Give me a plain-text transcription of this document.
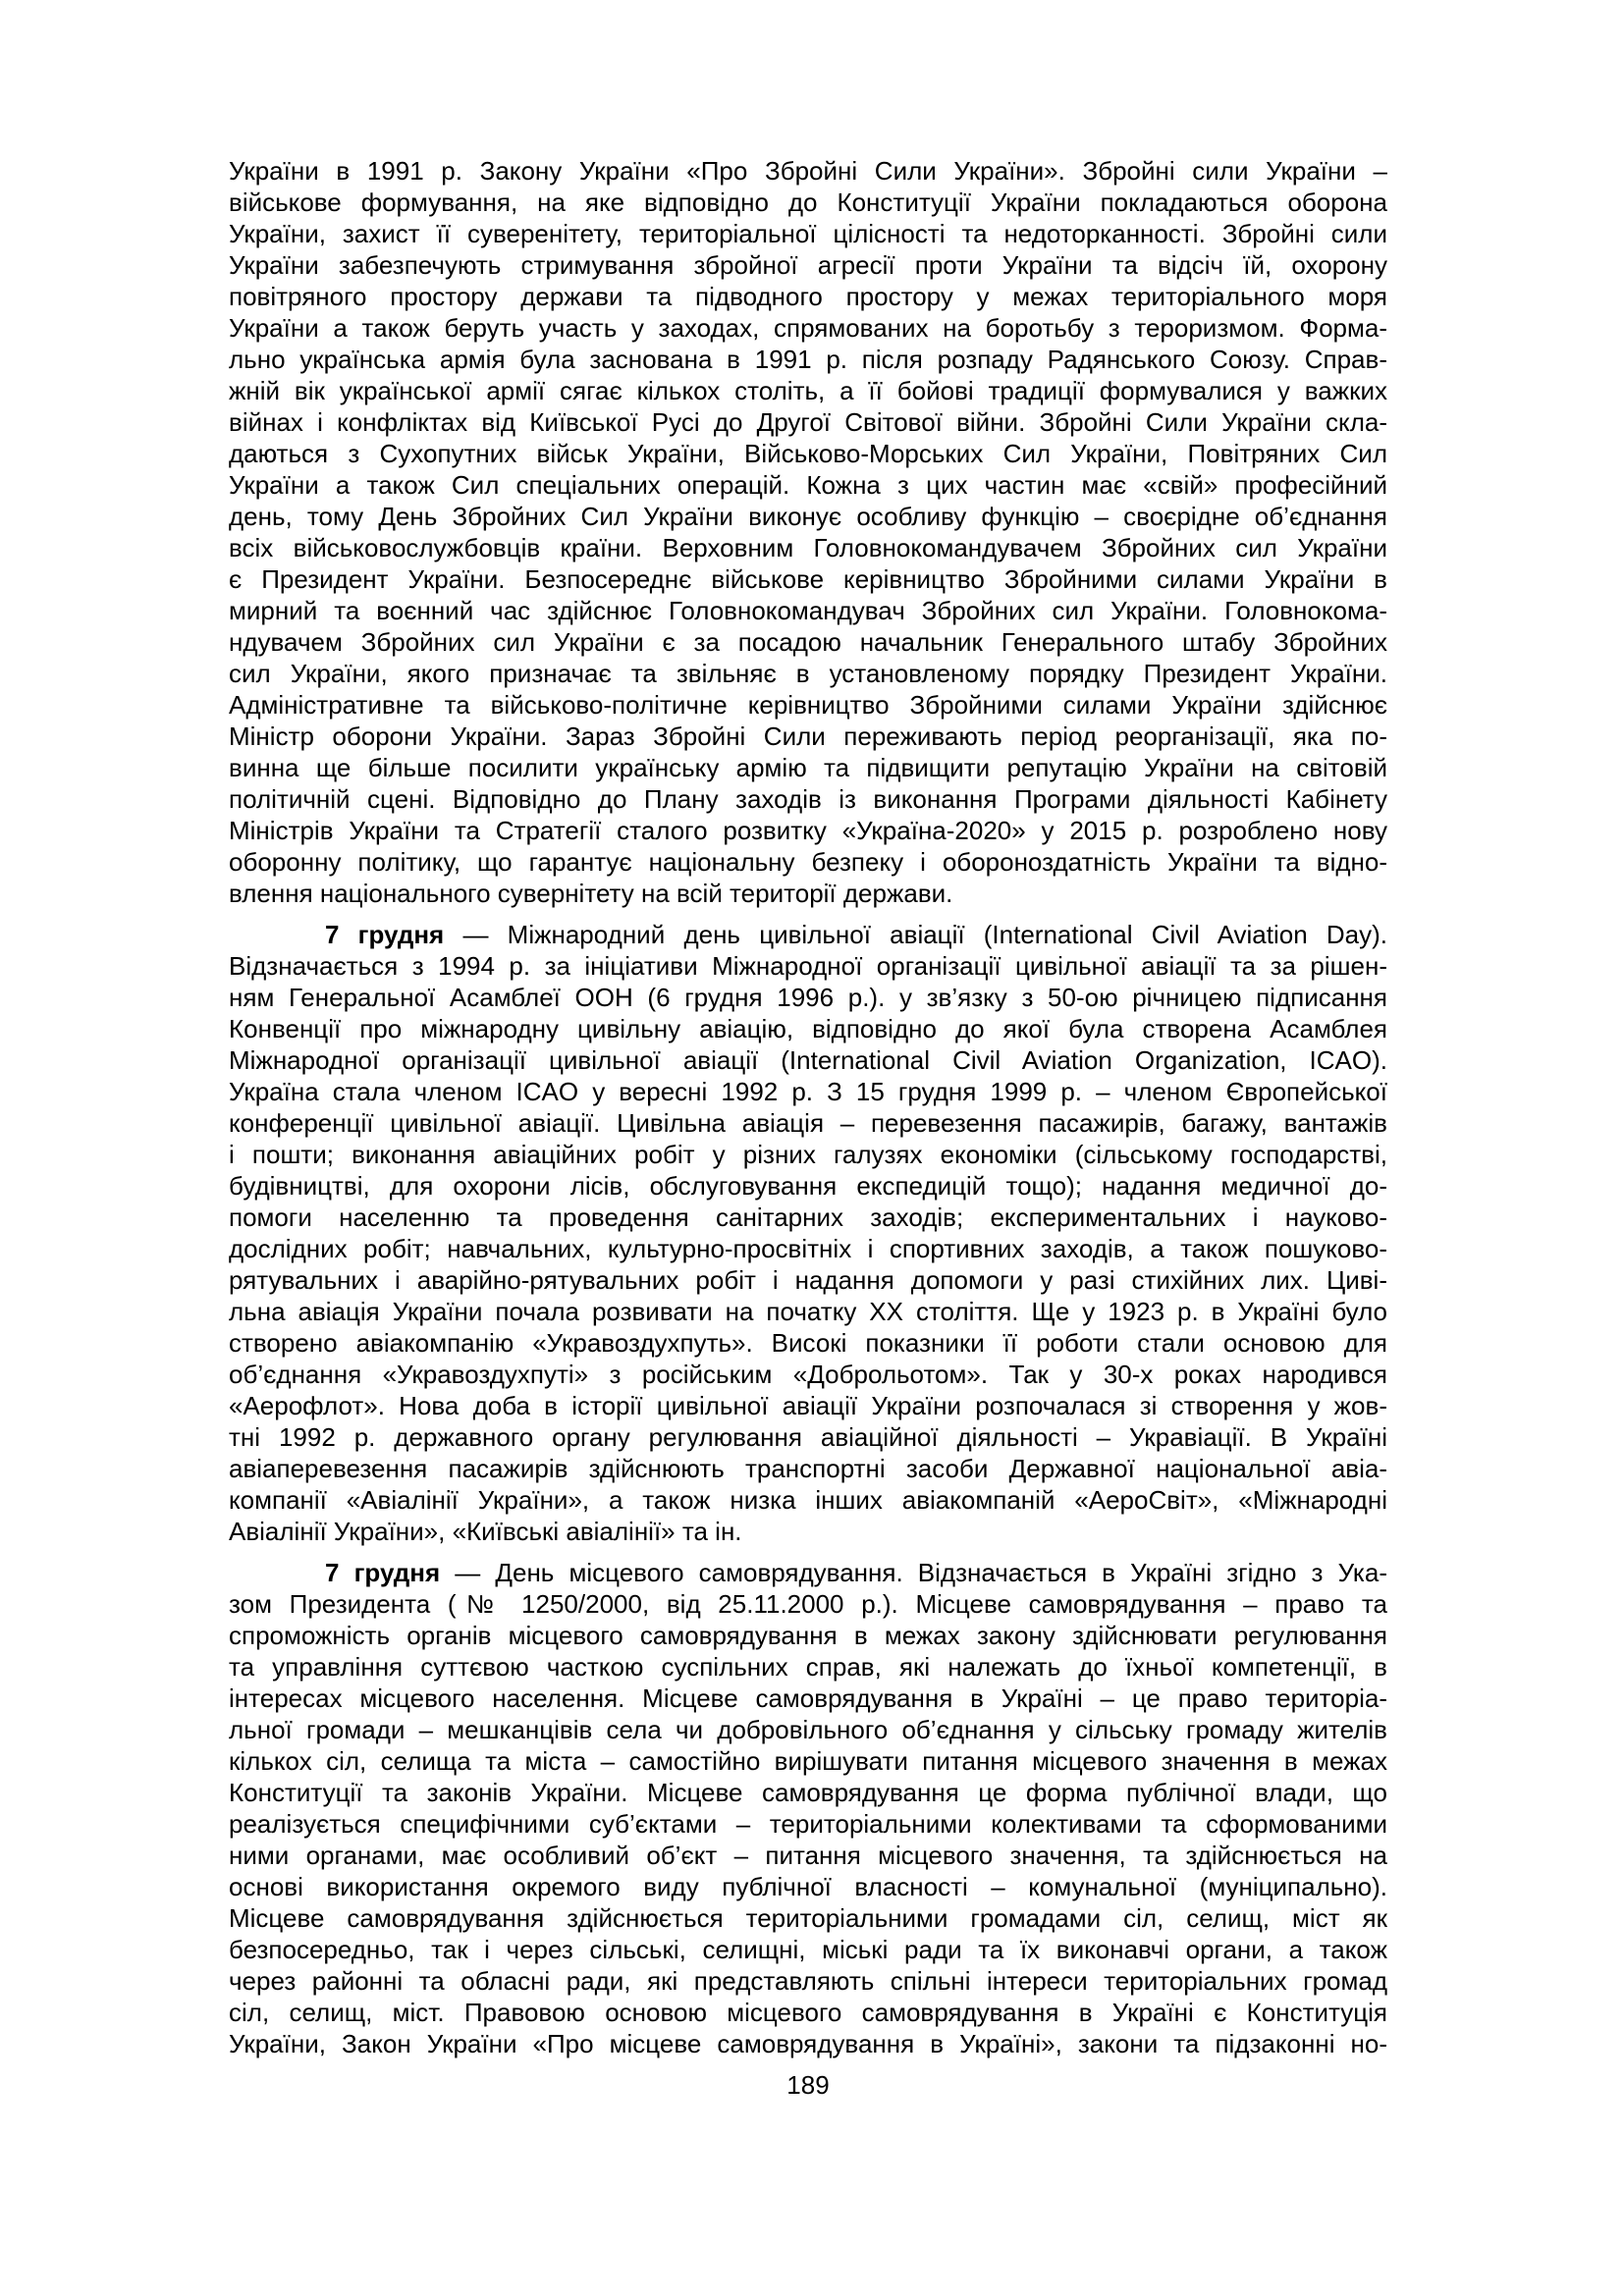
України в 1991 р. Закону України «Про Збройні Сили України». Збройні сили України –
військове формування, на яке відповідно до Конституції України покладаються оборона
України, захист її суверенітету, територіальної цілісності та недоторканності. Збройні сили
України забезпечують стримування збройної агресії проти України та відсіч їй, охорону
повітряного простору держави та підводного простору у межах територіального моря
України а також беруть участь у заходах, спрямованих на боротьбу з тероризмом. Форма-
льно українська армія була заснована в 1991 р. після розпаду Радянського Союзу. Справ-
жній вік української армії сягає кількох століть, а її бойові традиції формувалися у важких
війнах і конфліктах від Київської Русі до Другої Світової війни. Збройні Сили України скла-
даються з Сухопутних військ України, Військово-Морських Сил України, Повітряних Сил
України а також Сил спеціальних операцій. Кожна з цих частин має «свій» професійний
день, тому День Збройних Сил України виконує особливу функцію – своєрідне об’єднання
всіх військовослужбовців країни. Верховним Головнокомандувачем Збройних сил України
є Президент України. Безпосереднє військове керівництво Збройними силами України в
мирний та воєнний час здійснює Головнокомандувач Збройних сил України. Головнокома-
ндувачем Збройних сил України є за посадою начальник Генерального штабу Збройних
сил України, якого призначає та звільняє в установленому порядку Президент України.
Адміністративне та військово-політичне керівництво Збройними силами України здійснює
Міністр оборони України. Зараз Збройні Сили переживають період реорганізації, яка по-
винна ще більше посилити українську армію та підвищити репутацію України на світовій
політичній сцені. Відповідно до Плану заходів із виконання Програми діяльності Кабінету
Міністрів України та Стратегії сталого розвитку «Україна-2020» у 2015 р. розроблено нову
оборонну політику, що гарантує національну безпеку і обороноздатність України та відно-
влення національного сувернітету на всій території держави.
7 грудня — Міжнародний день цивільної авіації (International Civil Aviation Day).
Відзначається з 1994 р. за ініціативи Міжнародної організації цивільної авіації та за рішен-
ням Генеральної Асамблеї ООН (6 грудня 1996 р.). у зв’язку з 50-ою річницею підписання
Конвенції про міжнародну цивільну авіацію, відповідно до якої була створена Асамблея
Міжнародної організації цивільної авіації (International Civil Aviation Organization, ICAO).
Україна стала членом ICAO у вересні 1992 р. З 15 грудня 1999 р. – членом Європейської
конференції цивільної авіації. Цивільна авіація – перевезення пасажирів, багажу, вантажів
і пошти; виконання авіаційних робіт у різних галузях економіки (сільському господарстві,
будівництві, для охорони лісів, обслуговування експедицій тощо); надання медичної до-
помоги населенню та проведення санітарних заходів; експериментальних і науково-
дослідних робіт; навчальних, культурно-просвітніх і спортивних заходів, а також пошуково-
рятувальних і аварійно-рятувальних робіт і надання допомоги у разі стихійних лих. Циві-
льна авіація України почала розвивати на початку XX століття. Ще у 1923 р. в Україні було
створено авіакомпанію «Укравоздухпуть». Високі показники її роботи стали основою для
об’єднання «Укравоздухпуті» з російським «Доброльотом». Так у 30-х роках народився
«Аерофлот». Нова доба в історії цивільної авіації України розпочалася зі створення у жов-
тні 1992 р. державного органу регулювання авіаційної діяльності – Укравіації. В Україні
авіаперевезення пасажирів здійснюють транспортні засоби Державної національної авіа-
компанії «Авіалінії України», а також низка інших авіакомпаній «АероСвіт», «Міжнародні
Авіалінії України», «Київські авіалінії» та ін.
7 грудня — День місцевого самоврядування. Відзначається в Україні згідно з Ука-
зом Президента (№ 1250/2000, від 25.11.2000 р.). Місцеве самоврядування – право та
спроможність органів місцевого самоврядування в межах закону здійснювати регулювання
та управління суттєвою часткою суспільних справ, які належать до їхньої компетенції, в
інтересах місцевого населення. Місцеве самоврядування в Україні – це право територіа-
льної громади – мешканцівів села чи добровільного об’єднання у сільську громаду жителів
кількох сіл, селища та міста – самостійно вирішувати питання місцевого значення в межах
Конституції та законів України. Місцеве самоврядування це форма публічної влади, що
реалізується специфічними суб’єктами – територіальними колективами та сформованими
ними органами, має особливий об’єкт – питання місцевого значення, та здійснюється на
основі використання окремого виду публічної власності – комунальної (муніципально).
Місцеве самоврядування здійснюється територіальними громадами сіл, селищ, міст як
безпосередньо, так і через сільські, селищні, міські ради та їх виконавчі органи, а також
через районні та обласні ради, які представляють спільні інтереси територіальних громад
сіл, селищ, міст. Правовою основою місцевого самоврядування в Україні є Конституція
України, Закон України «Про місцеве самоврядування в Україні», закони та підзаконні но-
189
